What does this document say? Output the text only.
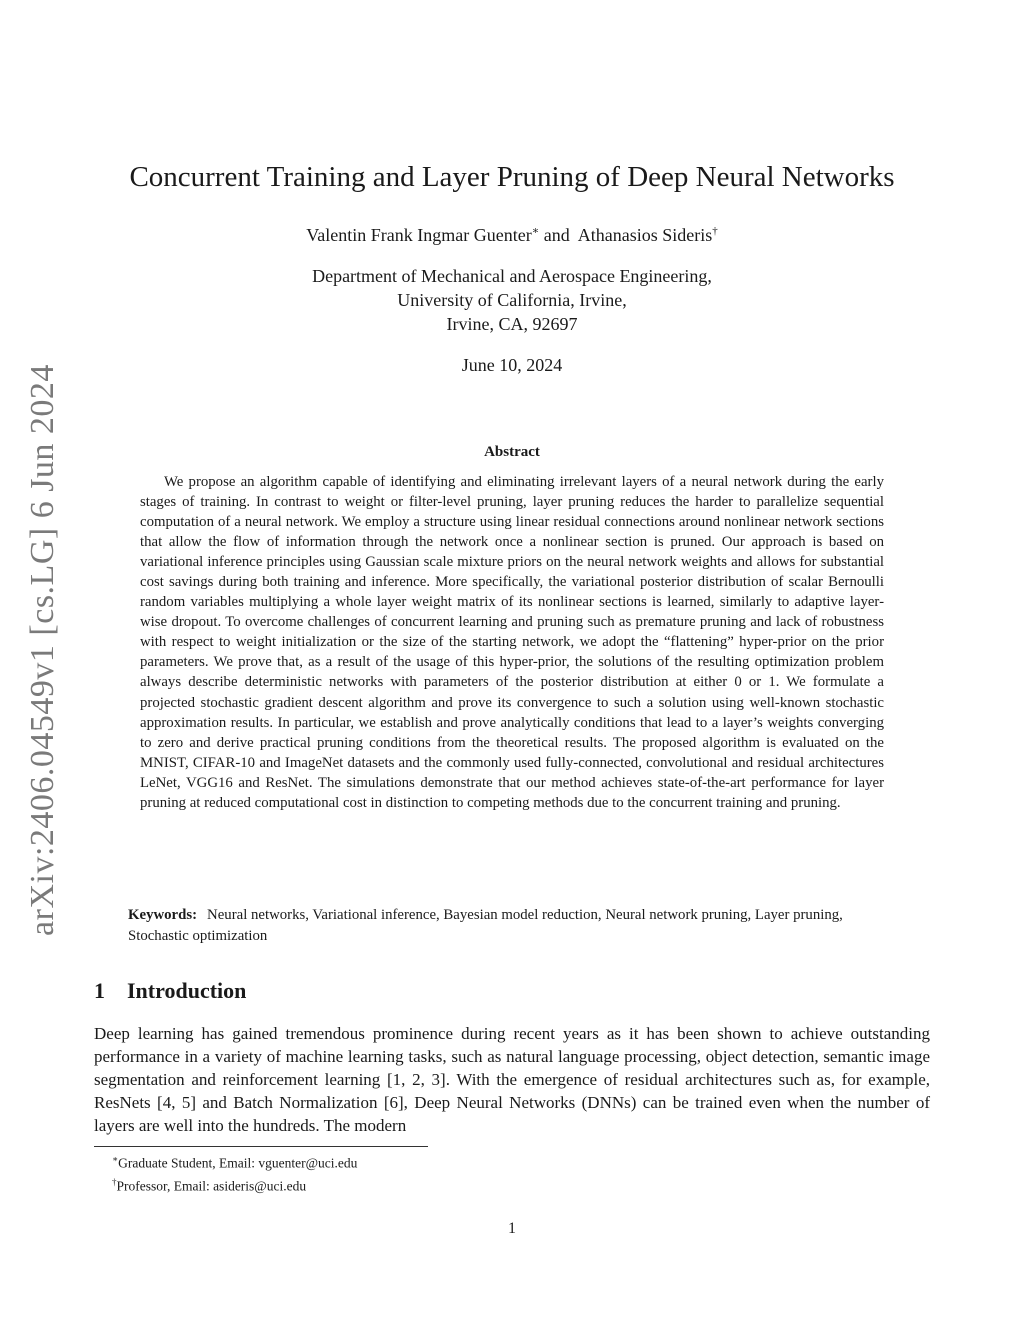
arXiv:2406.04549v1 [cs.LG] 6 Jun 2024
Concurrent Training and Layer Pruning of Deep Neural Networks
Valentin Frank Ingmar Guenter∗ and Athanasios Sideris†
Department of Mechanical and Aerospace Engineering,
University of California, Irvine,
Irvine, CA, 92697
June 10, 2024
Abstract

We propose an algorithm capable of identifying and eliminating irrelevant layers of a neural network during the early stages of training. In contrast to weight or filter-level pruning, layer pruning reduces the harder to parallelize sequential computation of a neural network. We employ a structure using linear residual connections around nonlinear network sections that allow the flow of information through the network once a nonlinear section is pruned. Our approach is based on variational inference principles using Gaussian scale mixture priors on the neural network weights and allows for substantial cost savings during both training and inference. More specifically, the variational posterior distribution of scalar Bernoulli random variables multiplying a whole layer weight matrix of its nonlinear sections is learned, similarly to adaptive layer-wise dropout. To overcome challenges of concurrent learning and pruning such as premature pruning and lack of robustness with respect to weight initialization or the size of the starting network, we adopt the “flattening” hyper-prior on the prior parameters. We prove that, as a result of the usage of this hyper-prior, the solutions of the resulting optimization problem always describe deterministic networks with parameters of the posterior distribution at either 0 or 1. We formulate a projected stochastic gradient descent algorithm and prove its convergence to such a solution using well-known stochastic approximation results. In particular, we establish and prove analytically conditions that lead to a layer’s weights converging to zero and derive practical pruning conditions from the theoretical results. The proposed algorithm is evaluated on the MNIST, CIFAR-10 and ImageNet datasets and the commonly used fully-connected, convolutional and residual architectures LeNet, VGG16 and ResNet. The simulations demonstrate that our method achieves state-of-the-art performance for layer pruning at reduced computational cost in distinction to competing methods due to the concurrent training and pruning.

Keywords: Neural networks, Variational inference, Bayesian model reduction, Neural network pruning, Layer pruning, Stochastic optimization

1 Introduction

Deep learning has gained tremendous prominence during recent years as it has been shown to achieve outstanding performance in a variety of machine learning tasks, such as natural language processing, object detection, semantic image segmentation and reinforcement learning [1, 2, 3]. With the emergence of residual architectures such as, for example, ResNets [4, 5] and Batch Normalization [6], Deep Neural Networks (DNNs) can be trained even when the number of layers are well into the hundreds. The modern

∗Graduate Student, Email: vguenter@uci.edu
†Professor, Email: asideris@uci.edu
1
